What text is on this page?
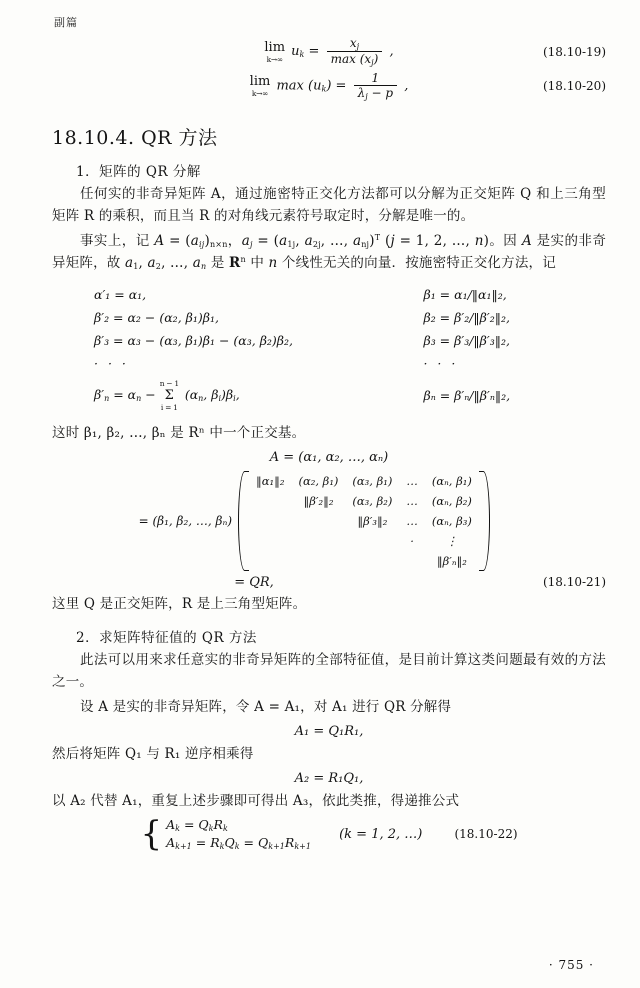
副篇
lim
k→∞ $u_k = \frac{x_j}{\max (x_j)}$ ,	(18.10-19)
lim
k→∞ $\max (u_k) = \frac{1}{\lambda_j - p}$ ,	(18.10-20)
18.10.4. QR 方法
1．矩阵的 QR 分解

任何实的非奇异矩阵 A，通过施密特正交化方法都可以分解为正交矩阵 Q 和上三角型矩阵 R 的乘积，而且当 R 的对角线元素符号取定时，分解是唯一的。

事实上，记 $A = (a_{ij})_{n\times n}$，$a_j = (a_{1j}$, $a_{2j}$, …, $a_{nj})^T$ (j = 1, 2, …, n)。因 A 是实的非奇异矩阵，故 $a_1$, $a_2$, …, $a_n$ 是 $R^n$ 中 n 个线性无关的向量．按施密特正交化方法，记

α′₁ = α₁,	β₁ = α₁/‖α₁‖₂,
β′₂ = α₂ − (α₂, β₁)β₁,	β₂ = β′₂/‖β′₂‖₂,
β′₃ = α₃ − (α₃, β₁)β₁ − (α₃, β₂)β₂,	β₃ = β′₃/‖β′₃‖₂,
· · ·	· · ·
$\beta'_n = \alpha_n$ −
n − 1
Σ
i = 1
($\alpha_n$, $\beta_i)\beta_i$,	βₙ = β′ₙ/‖β′ₙ‖₂,

这时 β₁, β₂, …, βₙ 是 Rⁿ 中一个正交基。

A = (α₁, α₂, …, αₙ)
= (β₁, β₂, …, βₙ)
‖α₁‖₂	(α₂, β₁)	(α₃, β₁)	…	(αₙ, β₁)
	‖β′₂‖₂	(α₃, β₂)	…	(αₙ, β₂)
		‖β′₃‖₂	…	(αₙ, β₃)
			·	⋮
				‖β′ₙ‖₂
= QR,	(18.10-21)

这里 Q 是正交矩阵，R 是上三角型矩阵。

2．求矩阵特征值的 QR 方法

此法可以用来求任意实的非奇异矩阵的全部特征值，是目前计算这类问题最有效的方法之一。

设 A 是实的非奇异矩阵，令 A = A₁，对 A₁ 进行 QR 分解得

A₁ = Q₁R₁,

然后将矩阵 Q₁ 与 R₁ 逆序相乘得

A₂ = R₁Q₁,

以 A₂ 代替 A₁，重复上述步骤即可得出 A₃，依此类推，得递推公式

{ $A_k = Q_kR_k$
$A_{k+1} = R_kQ_k = Q_{k+1}R_{k+1}$
(k = 1, 2, …)	(18.10-22)
· 755 ·
